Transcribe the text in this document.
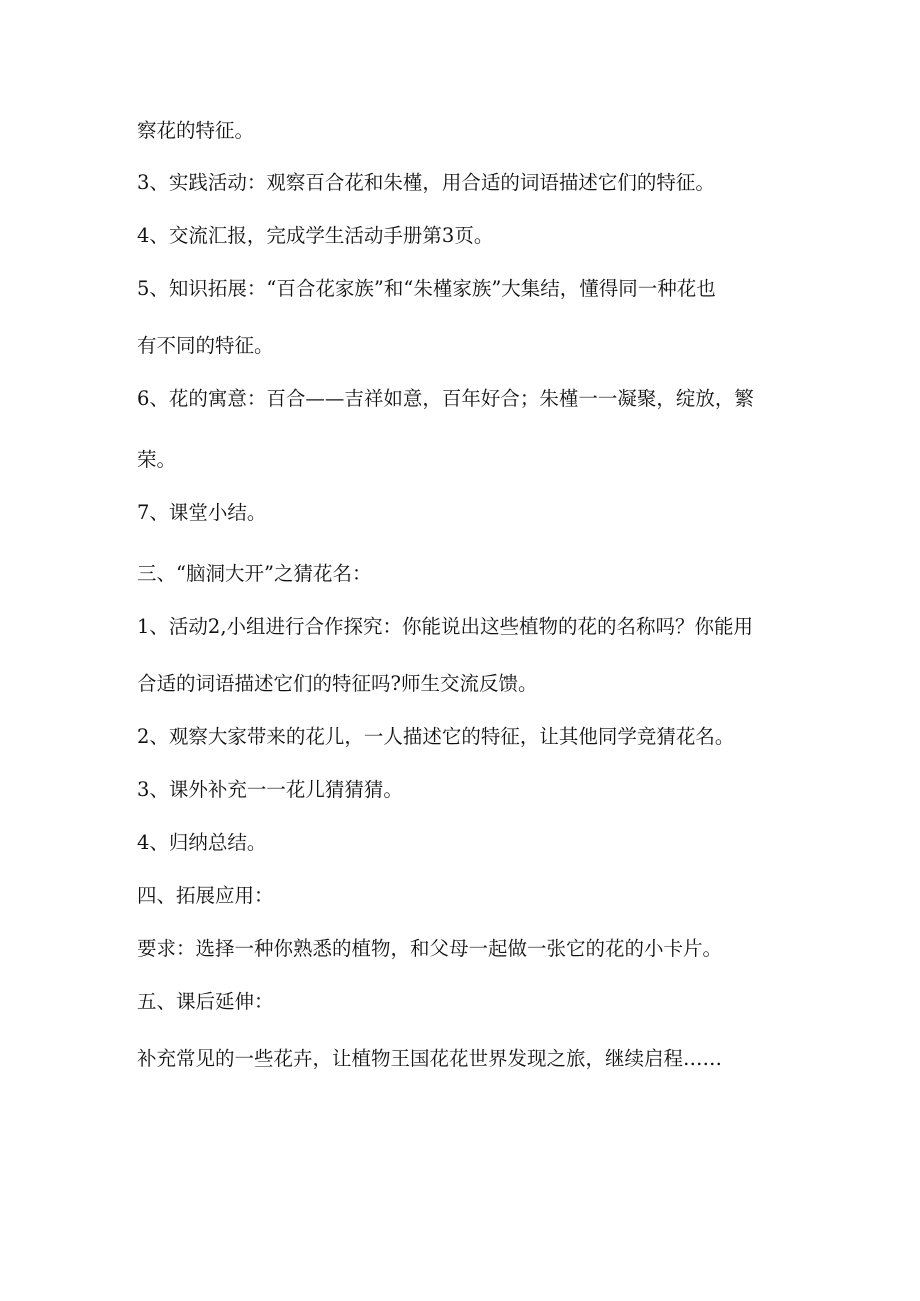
察花的特征。
3、实践活动：观察百合花和朱槿，用合适的词语描述它们的特征。
4、交流汇报，完成学生活动手册第3页。
5、知识拓展：“百合花家族”和“朱槿家族”大集结，懂得同一种花也
有不同的特征。
6、花的寓意：百合——吉祥如意，百年好合；朱槿一一凝聚，绽放，繁
荣。
7、课堂小结。
三、“脑洞大开”之猜花名：
1、活动2,小组进行合作探究：你能说出这些植物的花的名称吗？你能用
合适的词语描述它们的特征吗?师生交流反馈。
2、观察大家带来的花儿，一人描述它的特征，让其他同学竞猜花名。
3、课外补充一一花儿猜猜猜。
4、归纳总结。
四、拓展应用：
要求：选择一种你熟悉的植物，和父母一起做一张它的花的小卡片。
五、课后延伸：
补充常见的一些花卉，让植物王国花花世界发现之旅，继续启程……
